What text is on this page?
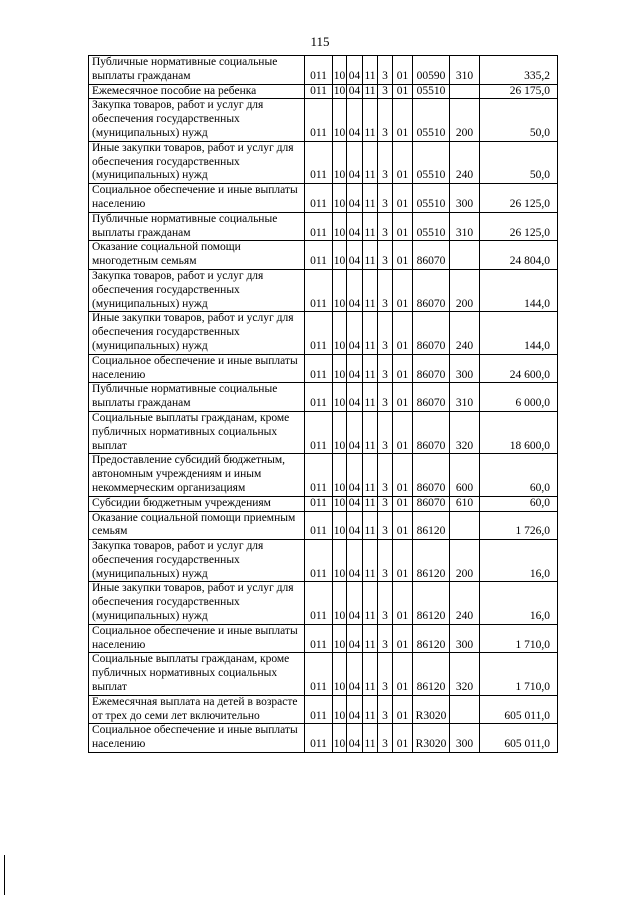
115
Публичные нормативные социальные выплаты гражданам	011	10	04	11	3	01	00590	310	335,2
Ежемесячное пособие на ребенка	011	10	04	11	3	01	05510		26 175,0
Закупка товаров, работ и услуг для обеспечения государственных (муниципальных) нужд	011	10	04	11	3	01	05510	200	50,0
Иные закупки товаров, работ и услуг для обеспечения государственных (муниципальных) нужд	011	10	04	11	3	01	05510	240	50,0
Социальное обеспечение и иные выплаты населению	011	10	04	11	3	01	05510	300	26 125,0
Публичные нормативные социальные выплаты гражданам	011	10	04	11	3	01	05510	310	26 125,0
Оказание социальной помощи многодетным семьям	011	10	04	11	3	01	86070		24 804,0
Закупка товаров, работ и услуг для обеспечения государственных (муниципальных) нужд	011	10	04	11	3	01	86070	200	144,0
Иные закупки товаров, работ и услуг для обеспечения государственных (муниципальных) нужд	011	10	04	11	3	01	86070	240	144,0
Социальное обеспечение и иные выплаты населению	011	10	04	11	3	01	86070	300	24 600,0
Публичные нормативные социальные выплаты гражданам	011	10	04	11	3	01	86070	310	6 000,0
Социальные выплаты гражданам, кроме публичных нормативных социальных выплат	011	10	04	11	3	01	86070	320	18 600,0
Предоставление субсидий бюджетным, автономным учреждениям и иным некоммерческим организациям	011	10	04	11	3	01	86070	600	60,0
Субсидии бюджетным учреждениям	011	10	04	11	3	01	86070	610	60,0
Оказание социальной помощи приемным семьям	011	10	04	11	3	01	86120		1 726,0
Закупка товаров, работ и услуг для обеспечения государственных (муниципальных) нужд	011	10	04	11	3	01	86120	200	16,0
Иные закупки товаров, работ и услуг для обеспечения государственных (муниципальных) нужд	011	10	04	11	3	01	86120	240	16,0
Социальное обеспечение и иные выплаты населению	011	10	04	11	3	01	86120	300	1 710,0
Социальные выплаты гражданам, кроме публичных нормативных социальных выплат	011	10	04	11	3	01	86120	320	1 710,0
Ежемесячная выплата на детей в возрасте от трех до семи лет включительно	011	10	04	11	3	01	R3020		605 011,0
Социальное обеспечение и иные выплаты населению	011	10	04	11	3	01	R3020	300	605 011,0
